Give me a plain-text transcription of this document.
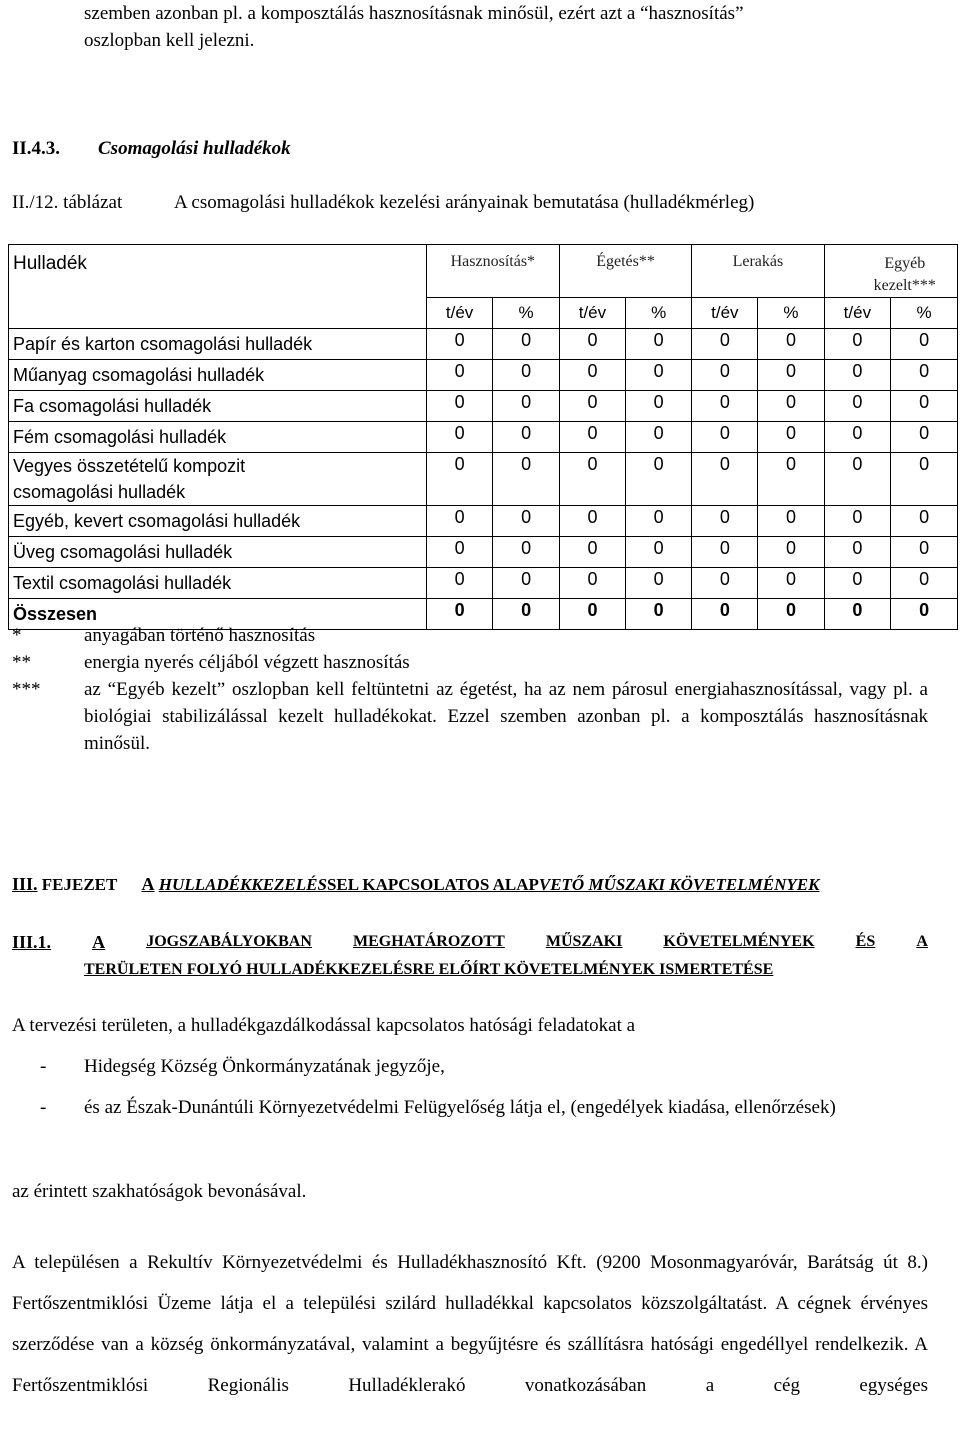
szemben azonban pl. a komposztálás hasznosításnak minősül, ezért azt a “hasznosítás”
oszlopban kell jelezni.
II.4.3. Csomagolási hulladékok
II./12. táblázat	A csomagolási hulladékok kezelési arányainak bemutatása (hulladékmérleg)
Hulladék	Hasznosítás*		Égetés**		Lerakás		Egyéb kezelt***	
	t/év	%	t/év	%	t/év	%	t/év	%
Papír és karton csomagolási hulladék	0	0	0	0	0	0	0	0
Műanyag csomagolási hulladék	0	0	0	0	0	0	0	0
Fa csomagolási hulladék	0	0	0	0	0	0	0	0
Fém csomagolási hulladék	0	0	0	0	0	0	0	0
Vegyes összetételű kompozit csomagolási hulladék	0	0	0	0	0	0	0	0
Egyéb, kevert csomagolási hulladék	0	0	0	0	0	0	0	0
Üveg csomagolási hulladék	0	0	0	0	0	0	0	0
Textil csomagolási hulladék	0	0	0	0	0	0	0	0
Összesen	0	0	0	0	0	0	0	0
*	anyagában történő hasznosítás
**	energia nyerés céljából végzett hasznosítás
***	az “Egyéb kezelt” oszlopban kell feltüntetni az égetést, ha az nem párosul energiahasznosítással, vagy pl. a biológiai stabilizálással kezelt hulladékokat. Ezzel szemben azonban pl. a komposztálás hasznosításnak minősül.
III. FEJEZET A HULLADÉKKEZELÉSSEL KAPCSOLATOS ALAPVETŐ MŰSZAKI KÖVETELMÉNYEK
III.1. A	JOGSZABÁLYOKBAN	MEGHATÁROZOTT	MŰSZAKI	KÖVETELMÉNYEK	ÉS	A
TERÜLETEN FOLYÓ HULLADÉKKEZELÉSRE ELŐÍRT KÖVETELMÉNYEK ISMERTETÉSE
A tervezési területen, a hulladékgazdálkodással kapcsolatos hatósági feladatokat a
-	Hidegség Község Önkormányzatának jegyzője,
-	és az Észak-Dunántúli Környezetvédelmi Felügyelőség látja el, (engedélyek kiadása, ellenőrzések)
az érintett szakhatóságok bevonásával.
A településen a Rekultív Környezetvédelmi és Hulladékhasznosító Kft. (9200 Mosonmagyaróvár, Barátság út 8.) Fertőszentmiklósi Üzeme látja el a települési szilárd hulladékkal kapcsolatos közszolgáltatást. A cégnek érvényes szerződése van a község önkormányzatával, valamint a begyűjtésre és szállításra hatósági engedéllyel rendelkezik. A Fertőszentmiklósi Regionális Hulladéklerakó vonatkozásában a cég egységes
